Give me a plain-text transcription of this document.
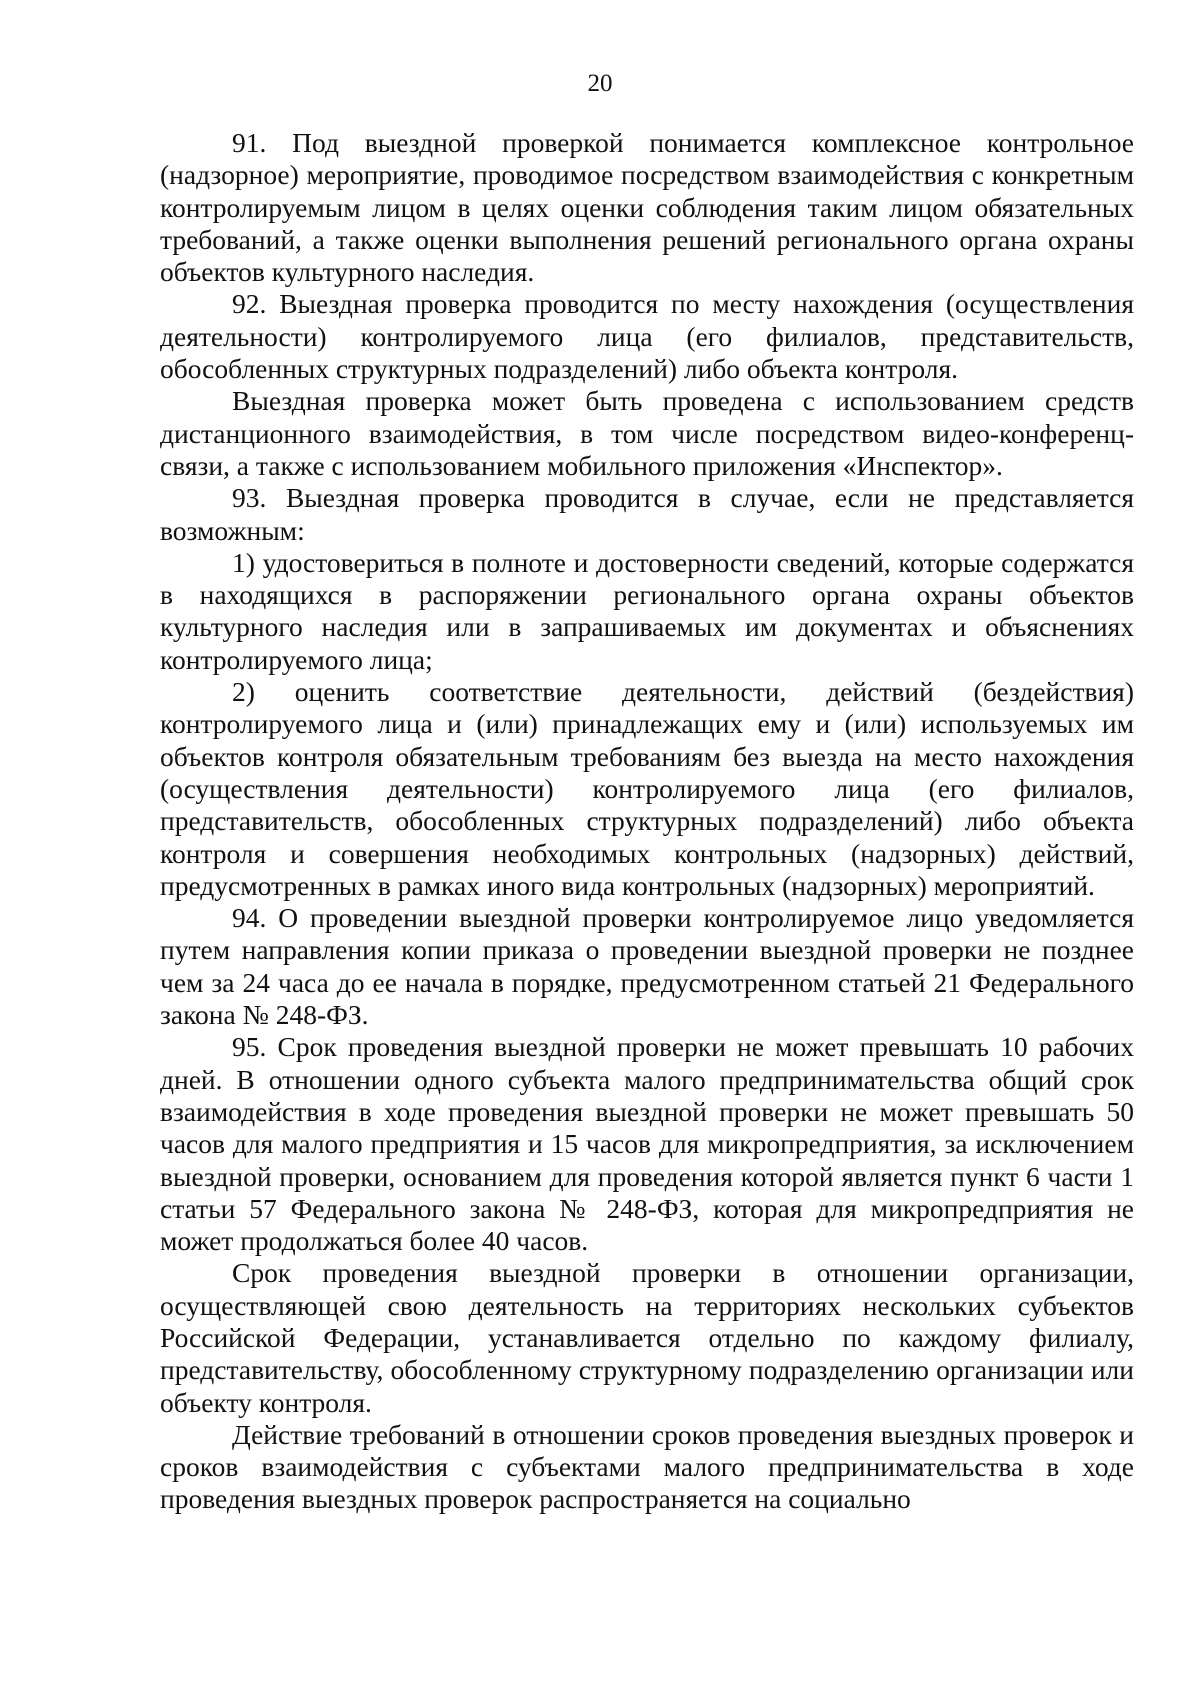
20

91. Под выездной проверкой понимается комплексное контрольное (надзорное) мероприятие, проводимое посредством взаимодействия с конкретным контролируемым лицом в целях оценки соблюдения таким лицом обязательных требований, а также оценки выполнения решений регионального органа охраны объектов культурного наследия.

92. Выездная проверка проводится по месту нахождения (осуществления деятельности) контролируемого лица (его филиалов, представительств, обособленных структурных подразделений) либо объекта контроля.

Выездная проверка может быть проведена с использованием средств дистанционного взаимодействия, в том числе посредством видео-конференц-связи, а также с использованием мобильного приложения «Инспектор».

93. Выездная проверка проводится в случае, если не представляется возможным:

1) удостовериться в полноте и достоверности сведений, которые содержатся в находящихся в распоряжении регионального органа охраны объектов культурного наследия или в запрашиваемых им документах и объяснениях контролируемого лица;

2) оценить соответствие деятельности, действий (бездействия) контролируемого лица и (или) принадлежащих ему и (или) используемых им объектов контроля обязательным требованиям без выезда на место нахождения (осуществления деятельности) контролируемого лица (его филиалов, представительств, обособленных структурных подразделений) либо объекта контроля и совершения необходимых контрольных (надзорных) действий, предусмотренных в рамках иного вида контрольных (надзорных) мероприятий.

94. О проведении выездной проверки контролируемое лицо уведомляется путем направления копии приказа о проведении выездной проверки не позднее чем за 24 часа до ее начала в порядке, предусмотренном статьей 21 Федерального закона № 248-ФЗ.

95. Срок проведения выездной проверки не может превышать 10 рабочих дней. В отношении одного субъекта малого предпринимательства общий срок взаимодействия в ходе проведения выездной проверки не может превышать 50 часов для малого предприятия и 15 часов для микропредприятия, за исключением выездной проверки, основанием для проведения которой является пункт 6 части 1 статьи 57 Федерального закона № 248-ФЗ, которая для микропредприятия не может продолжаться более 40 часов.

Срок проведения выездной проверки в отношении организации, осуществляющей свою деятельность на территориях нескольких субъектов Российской Федерации, устанавливается отдельно по каждому филиалу, представительству, обособленному структурному подразделению организации или объекту контроля.

Действие требований в отношении сроков проведения выездных проверок и сроков взаимодействия с субъектами малого предпринимательства в ходе проведения выездных проверок распространяется на социально
